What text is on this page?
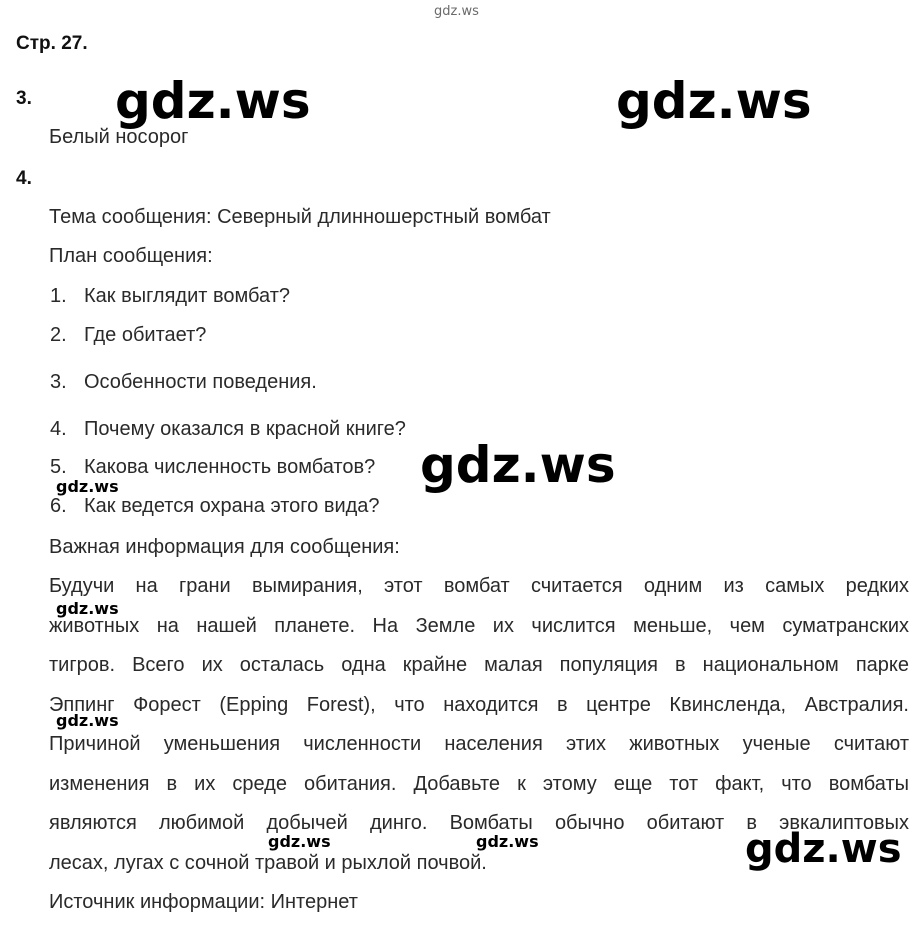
gdz.ws
Стр. 27.
3.
Белый носорог
4.
Тема сообщения: Северный длинношерстный вомбат
План сообщения:
1. Как выглядит вомбат?
2. Где обитает?
3. Особенности поведения.
4. Почему оказался в красной книге?
5. Какова численность вомбатов?
6. Как ведется охрана этого вида?
Важная информация для сообщения:
Будучи на грани вымирания, этот вомбат считается одним из самых редких
животных на нашей планете. На Земле их числится меньше, чем суматранских
тигров. Всего их осталась одна крайне малая популяция в национальном парке
Эппинг Форест (Epping Forest), что находится в центре Квинсленда, Австралия.
Причиной уменьшения численности населения этих животных ученые считают
изменения в их среде обитания. Добавьте к этому еще тот факт, что вомбаты
являются любимой добычей динго. Вомбаты обычно обитают в эвкалиптовых
лесах, лугах с сочной травой и рыхлой почвой.
Источник информации: Интернет
gdz.ws	gdz.ws
gdz.ws
gdz.ws
gdz.ws
gdz.ws
gdz.ws
gdz.ws	gdz.ws
